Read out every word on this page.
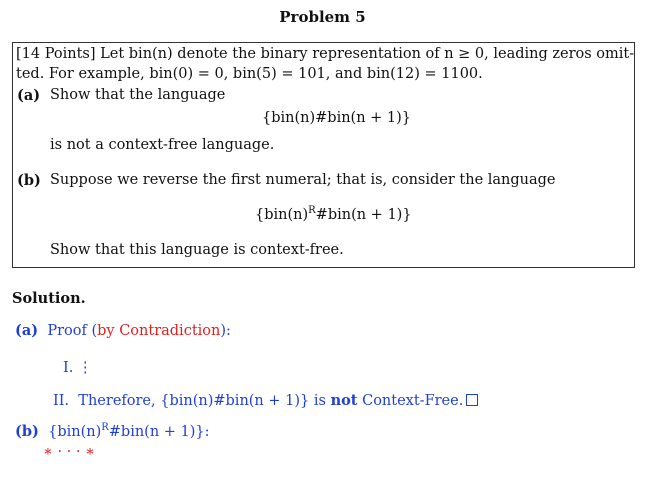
Problem 5
[14 Points] Let bin(n) denote the binary representation of n ≥ 0, leading zeros omit-
ted. For example, bin(0) = 0, bin(5) = 101, and bin(12) = 1100.
(a) Show that the language
{bin(n)#bin(n + 1)}
is not a context-free language.
(b) Suppose we reverse the first numeral; that is, consider the language
$\{bin(n)^R\#bin(n + 1)\}$
Show that this language is context-free.
Solution.
(a) Proof (by Contradiction):
I. ⋮
II. Therefore, {bin(n)#bin(n + 1)} is not Context-Free.
(b) $\{bin(n)^R\#bin(n + 1)\}$:
∗ · · · ∗
